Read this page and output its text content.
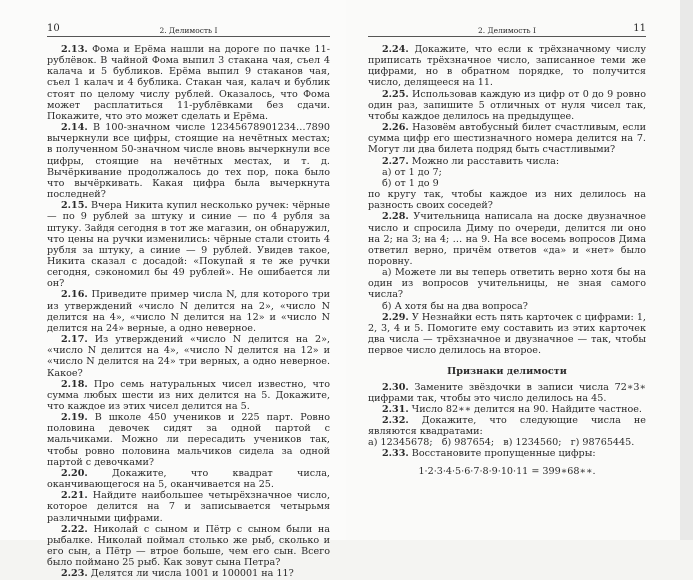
10	2. Делимость I

2.13. Фома и Ерёма нашли на дороге по пачке 11-рублёвок. В чайной Фома выпил 3 стакана чая, съел 4 калача и 5 бубликов. Ерёма выпил 9 стаканов чая, съел 1 калач и 4 бублика. Стакан чая, калач и бублик стоят по целому числу рублей. Оказалось, что Фома может расплатиться 11-рублёвками без сдачи. Покажите, что это может сделать и Ерёма.

2.14. В 100-значном числе 12345678901234…7890 вычеркнули все цифры, стоящие на нечётных местах; в полученном 50-значном числе вновь вычеркнули все цифры, стоящие на нечётных местах, и т. д. Вычёркивание продолжалось до тех пор, пока было что вычёркивать. Какая цифра была вычеркнута последней?

2.15. Вчера Никита купил несколько ручек: чёрные — по 9 рублей за штуку и синие — по 4 рубля за штуку. Зайдя сегодня в тот же магазин, он обнаружил, что цены на ручки изменились: чёрные стали стоить 4 рубля за штуку, а синие — 9 рублей. Увидев такое, Никита сказал с досадой: «Покупай я те же ручки сегодня, сэкономил бы 49 рублей». Не ошибается ли он?

2.16. Приведите пример числа N, для которого три из утверждений «число N делится на 2», «число N делится на 4», «число N делится на 12» и «число N делится на 24» верные, а одно неверное.

2.17. Из утверждений «число N делится на 2», «число N делится на 4», «число N делится на 12» и «число N делится на 24» три верных, а одно неверное. Какое?

2.18. Про семь натуральных чисел известно, что сумма любых шести из них делится на 5. Докажите, что каждое из этих чисел делится на 5.

2.19. В школе 450 учеников и 225 парт. Ровно половина девочек сидят за одной партой с мальчиками. Можно ли пересадить учеников так, чтобы ровно половина мальчиков сидела за одной партой с девочками?

2.20.	Докажите, что квадрат числа, оканчивающегося на 5, оканчивается на 25.

2.21. Найдите наибольшее четырёхзначное число, которое делится на 7 и записывается четырьмя различными цифрами.

2.22. Николай с сыном и Пётр с сыном были на рыбалке. Николай поймал столько же рыб, сколько и его сын, а Пётр — втрое больше, чем его сын. Всего было поймано 25 рыб. Как зовут сына Петра?

2.23. Делятся ли числа 1001 и 100001 на 11?

2. Делимость I	11

2.24. Докажите, что если к трёхзначному числу приписать трёхзначное число, записанное теми же цифрами, но в обратном порядке, то получится число, делящееся на 11.

2.25. Использовав каждую из цифр от 0 до 9 ровно один раз, запишите 5 отличных от нуля чисел так, чтобы каждое делилось на предыдущее.

2.26. Назовём автобусный билет счастливым, если сумма цифр его шестизначного номера делится на 7. Могут ли два билета подряд быть счастливыми?

2.27. Можно ли расставить числа:

а) от 1 до 7;

б) от 1 до 9

по кругу так, чтобы каждое из них делилось на разность своих соседей?

2.28. Учительница написала на доске двузначное число и спросила Диму по очереди, делится ли оно на 2; на 3; на 4; … на 9. На все восемь вопросов Дима ответил верно, причём ответов «да» и «нет» было поровну.

а) Можете ли вы теперь ответить верно хотя бы на один из вопросов учительницы, не зная самого числа?

б) А хотя бы на два вопроса?

2.29. У Незнайки есть пять карточек с цифрами: 1, 2, 3, 4 и 5. Помогите ему составить из этих карточек два числа — трёхзначное и двузначное — так, чтобы первое число делилось на второе.

Признаки делимости

2.30. Замените звёздочки в записи числа 72∗3∗ цифрами так, чтобы это число делилось на 45.

2.31. Число 82∗∗ делится на 90. Найдите частное.

2.32. Докажите, что следующие числа не являются квадратами:

а) 12345678;   б) 987654;   в) 1234560;   г) 98765445.

2.33. Восстановите пропущенные цифры:

1·2·3·4·5·6·7·8·9·10·11 = 399∗68∗∗.
